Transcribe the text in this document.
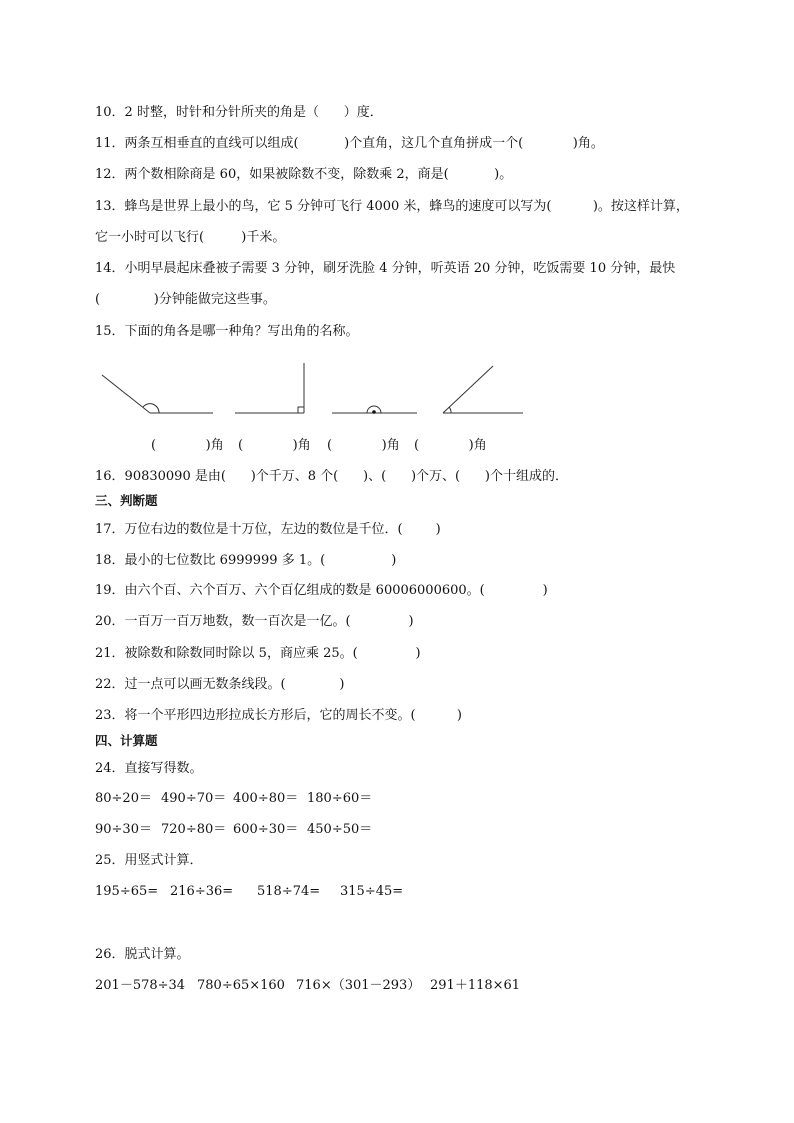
10．2 时整，时针和分针所夹的角是（      ）度．
11．两条互相垂直的直线可以组成(           )个直角，这几个直角拼成一个(            )角。
12．两个数相除商是 60，如果被除数不变，除数乘 2，商是(           )。
13．蜂鸟是世界上最小的鸟，它 5 分钟可飞行 4000 米，蜂鸟的速度可以写为(          )。按这样计算，
它一小时可以飞行(         )千米。
14．小明早晨起床叠被子需要 3 分钟，刷牙洗脸 4 分钟，听英语 20 分钟，吃饭需要 10 分钟，最快
(             )分钟能做完这些事。
15．下面的角各是哪一种角？写出角的名称。
(            )角 (            )角 (            )角 (            )角
16．90830090 是由(      )个千万、8 个(      )、(      )个万、(      )个十组成的．
三、判断题
17．万位右边的数位是十万位，左边的数位是千位．(        )
18．最小的七位数比 6999999 多 1。(                )
19．由六个百、六个百万、六个百亿组成的数是 60006000600。(              )
20．一百万一百万地数，数一百次是一亿。(              )
21．被除数和除数同时除以 5，商应乘 25。(              )
22．过一点可以画无数条线段。(             )
23．将一个平形四边形拉成长方形后，它的周长不变。(          )
四、计算题
24．直接写得数。
80÷20＝ 490÷70＝ 400÷80＝ 180÷60＝
90÷30＝ 720÷80＝ 600÷30＝ 450÷50＝
25．用竖式计算．
195÷65= 216÷36= 518÷74= 315÷45=
26．脱式计算。
201－578÷34 780÷65×160 716×（301－293） 291＋118×61
